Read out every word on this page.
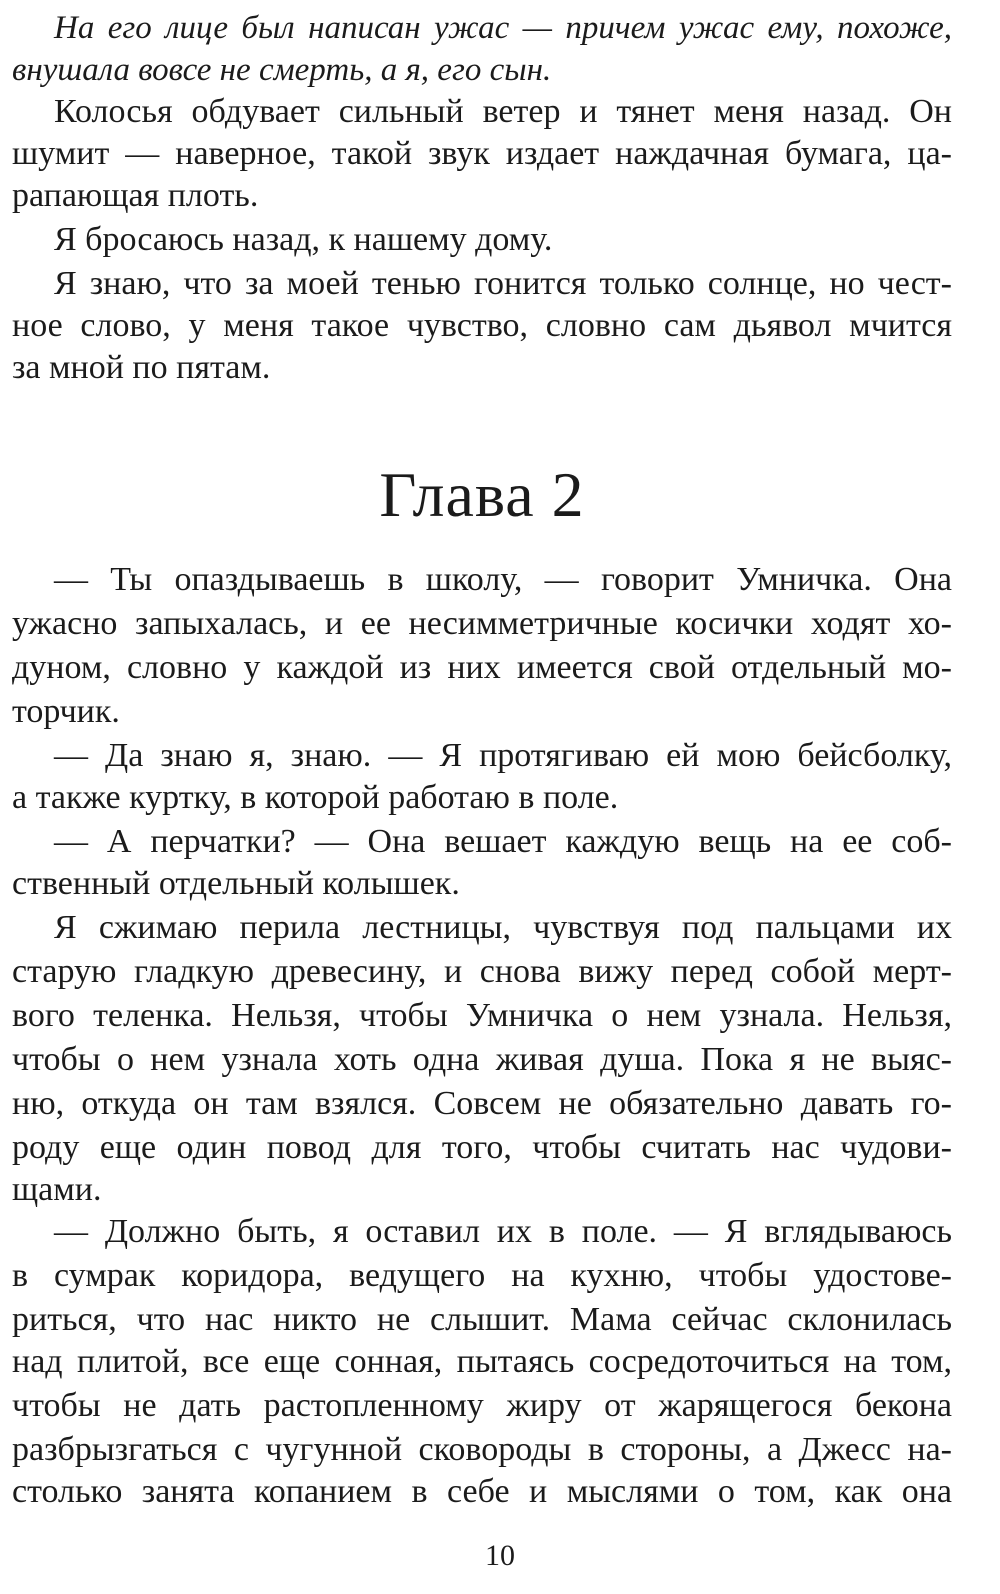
На его лице был написан ужас — причем ужас ему, похоже,
внушала вовсе не смерть, а я, его сын.
Колосья обдувает сильный ветер и тянет меня назад. Он
шумит — наверное, такой звук издает наждачная бумага, ца-
рапающая плоть.
Я бросаюсь назад, к нашему дому.
Я знаю, что за моей тенью гонится только солнце, но чест-
ное слово, у меня такое чувство, словно сам дьявол мчится
за мной по пятам.
Глава 2
— Ты опаздываешь в школу, — говорит Умничка. Она
ужасно запыхалась, и ее несимметричные косички ходят хо-
дуном, словно у каждой из них имеется свой отдельный мо-
торчик.
— Да знаю я, знаю. — Я протягиваю ей мою бейсболку,
а также куртку, в которой работаю в поле.
— А перчатки? — Она вешает каждую вещь на ее соб-
ственный отдельный колышек.
Я сжимаю перила лестницы, чувствуя под пальцами их
старую гладкую древесину, и снова вижу перед собой мерт-
вого теленка. Нельзя, чтобы Умничка о нем узнала. Нельзя,
чтобы о нем узнала хоть одна живая душа. Пока я не выяс-
ню, откуда он там взялся. Совсем не обязательно давать го-
роду еще один повод для того, чтобы считать нас чудови-
щами.
— Должно быть, я оставил их в поле. — Я вглядываюсь
в сумрак коридора, ведущего на кухню, чтобы удостове-
риться, что нас никто не слышит. Мама сейчас склонилась
над плитой, все еще сонная, пытаясь сосредоточиться на том,
чтобы не дать растопленному жиру от жарящегося бекона
разбрызгаться с чугунной сковороды в стороны, а Джесс на-
столько занята копанием в себе и мыслями о том, как она
10
